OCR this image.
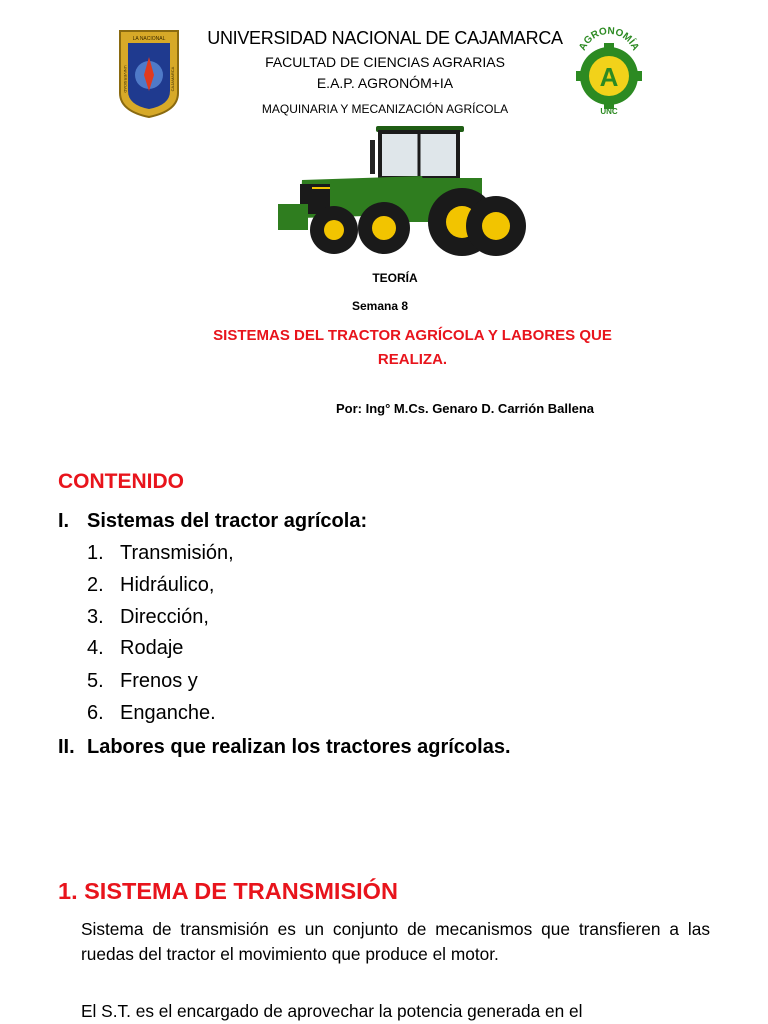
LA NACIONAL
UNIVERSIDAD	CAJAMARCA
AGRONOMÍA
A
UNC
UNIVERSIDAD NACIONAL DE CAJAMARCA
FACULTAD DE CIENCIAS AGRARIAS
E.A.P. AGRONÓM+IA
MAQUINARIA Y MECANIZACIÓN AGRÍCOLA
TEORÍA
Semana 8
SISTEMAS DEL TRACTOR AGRÍCOLA Y LABORES QUE
REALIZA.
Por: Ing° M.Cs. Genaro D. Carrión Ballena
CONTENIDO
I. Sistemas del tractor agrícola:
1. Transmisión,
2. Hidráulico,
3. Dirección,
4. Rodaje
5. Frenos y
6. Enganche.
II. Labores que realizan los tractores agrícolas.
1. SISTEMA DE TRANSMISIÓN
Sistema de transmisión es un conjunto de mecanismos que transfieren a las ruedas del tractor el movimiento que produce el motor.
El S.T. es el encargado de aprovechar la potencia generada en el
